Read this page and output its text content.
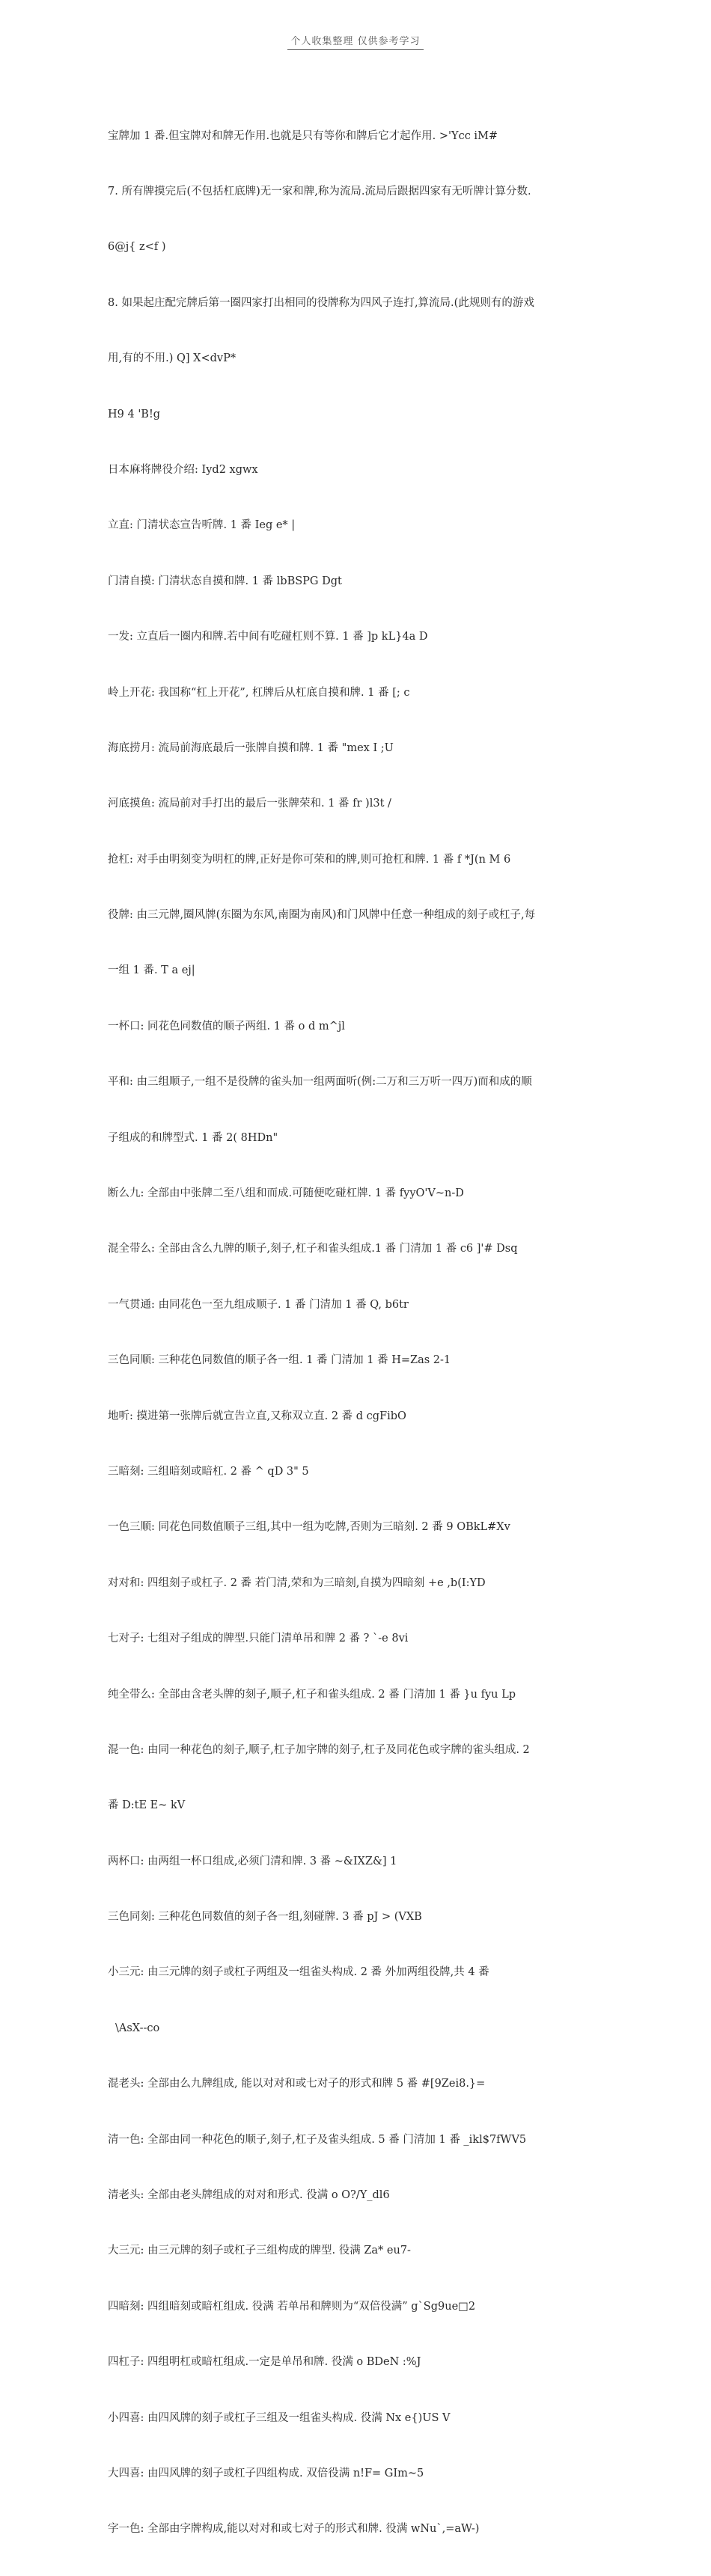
个人收集整理 仅供参考学习

宝牌加 1 番.但宝牌对和牌无作用.也就是只有等你和牌后它才起作用. >'Ycc iM#

7. 所有牌摸完后(不包括杠底牌)无一家和牌,称为流局.流局后跟据四家有无听牌计算分数.

6@j{ z<f )

8. 如果起庄配完牌后第一圈四家打出相同的役牌称为四风子连打,算流局.(此规则有的游戏

用,有的不用.) Q] X<dvP*

H9 4 'B!g

日本麻将牌役介绍: Iyd2 xgwx

立直: 门清状态宣告听牌. 1 番 Ieg e* |

门清自摸: 门清状态自摸和牌. 1 番 lbBSPG Dgt

一发: 立直后一圈内和牌.若中间有吃碰杠则不算. 1 番 ]p kL}4a D

岭上开花: 我国称“杠上开花”, 杠牌后从杠底自摸和牌. 1 番 [; c

海底捞月: 流局前海底最后一张牌自摸和牌. 1 番 "mex I ;U

河底摸鱼: 流局前对手打出的最后一张牌荣和. 1 番 fr )l3t /

抢杠: 对手由明刻变为明杠的牌,正好是你可荣和的牌,则可抢杠和牌. 1 番 f *J(n M 6

役牌: 由三元牌,圈风牌(东圈为东风,南圈为南风)和门风牌中任意一种组成的刻子或杠子,每

一组 1 番. T a ej|

一杯口: 同花色同数值的顺子两组. 1 番 o d m^jl

平和: 由三组顺子,一组不是役牌的雀头加一组两面听(例:二万和三万听一四万)而和成的顺

子组成的和牌型式. 1 番 2( 8HDn"

断么九: 全部由中张牌二至八组和而成.可随便吃碰杠牌. 1 番 fyyO'V~n-D

混全带么: 全部由含么九牌的顺子,刻子,杠子和雀头组成.1 番 门清加 1 番 c6 ]'# Dsq

一气贯通: 由同花色一至九组成顺子. 1 番 门清加 1 番 Q, b6tr

三色同顺: 三种花色同数值的顺子各一组. 1 番 门清加 1 番 H=Zas 2-1

地听: 摸进第一张牌后就宣告立直,又称双立直. 2 番 d cgFibO

三暗刻: 三组暗刻或暗杠. 2 番 ^ qD 3" 5

一色三顺: 同花色同数值顺子三组,其中一组为吃牌,否则为三暗刻. 2 番 9 OBkL#Xv

对对和: 四组刻子或杠子. 2 番 若门清,荣和为三暗刻,自摸为四暗刻 +e ,b(I:YD

七对子: 七组对子组成的牌型.只能门清单吊和牌 2 番 ? `-e 8vi

纯全带么: 全部由含老头牌的刻子,顺子,杠子和雀头组成. 2 番 门清加 1 番 }u fyu Lp

混一色: 由同一种花色的刻子,顺子,杠子加字牌的刻子,杠子及同花色或字牌的雀头组成. 2

番 D:tE E~ kV

两杯口: 由两组一杯口组成,必须门清和牌. 3 番 ~&IXZ&] 1

三色同刻: 三种花色同数值的刻子各一组,刻碰牌. 3 番 pJ > (VXB

小三元: 由三元牌的刻子或杠子两组及一组雀头构成. 2 番 外加两组役牌,共 4 番

\AsX--co

混老头: 全部由么九牌组成, 能以对对和或七对子的形式和牌 5 番 #[9Zei8.}=

清一色: 全部由同一种花色的顺子,刻子,杠子及雀头组成. 5 番 门清加 1 番 _ikl$7fWV5

清老头: 全部由老头牌组成的对对和形式. 役满 o O?/Y_dl6

大三元: 由三元牌的刻子或杠子三组构成的牌型. 役满 Za* eu7-

四暗刻: 四组暗刻或暗杠组成. 役满 若单吊和牌则为“双倍役满” g`Sg9ue□2

四杠子: 四组明杠或暗杠组成.一定是单吊和牌. 役满 o BDeN :%J

小四喜: 由四风牌的刻子或杠子三组及一组雀头构成. 役满 Nx e{)US V

大四喜: 由四风牌的刻子或杠子四组构成. 双倍役满 n!F= GIm~5

字一色: 全部由字牌构成,能以对对和或七对子的形式和牌. 役满 wNu`,=aW-)
